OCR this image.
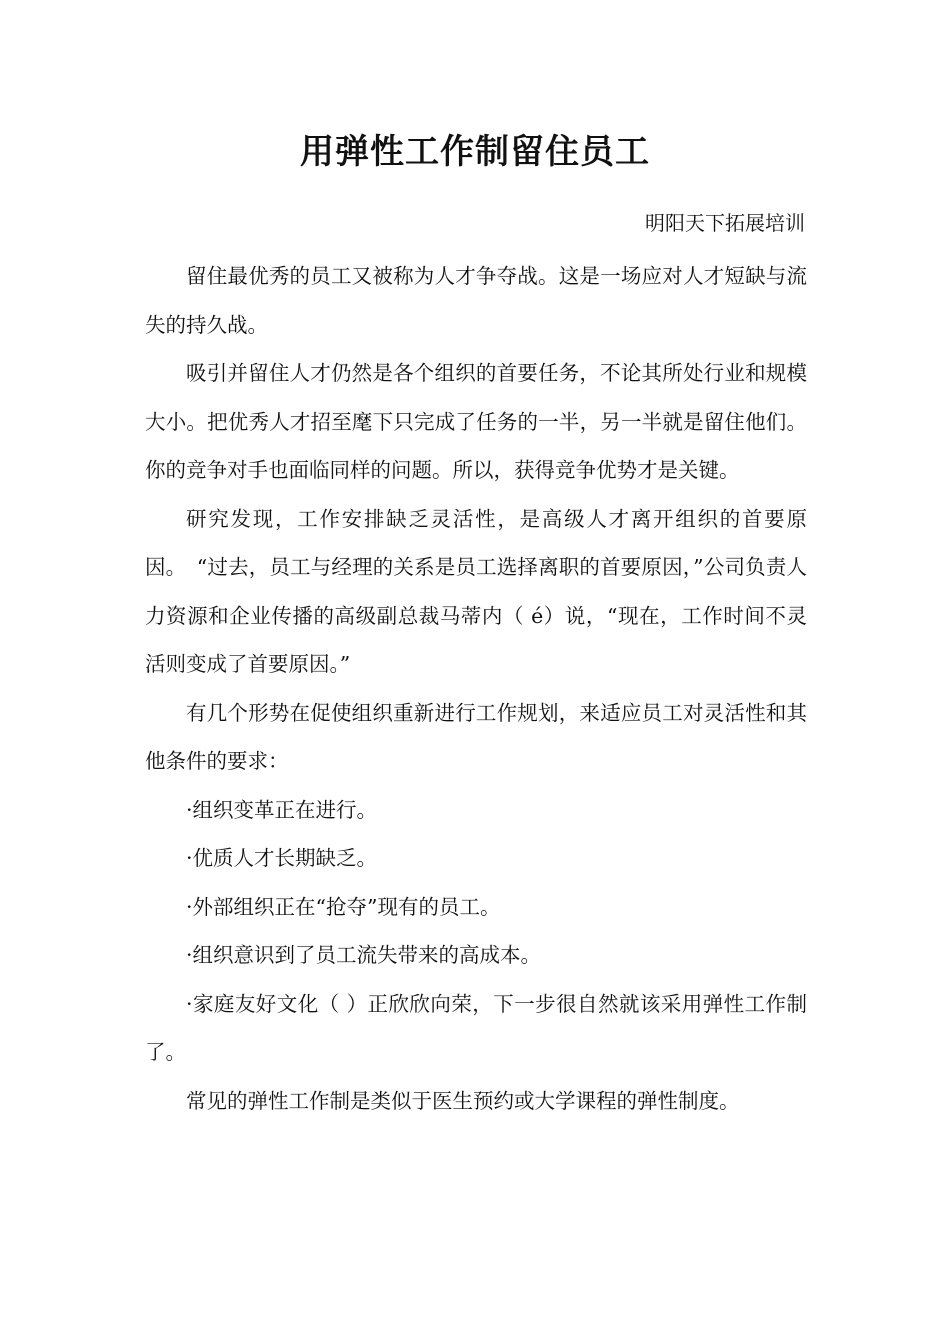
用弹性工作制留住员工

明阳天下拓展培训

留住最优秀的员工又被称为人才争夺战。这是一场应对人才短缺与流失的持久战。

吸引并留住人才仍然是各个组织的首要任务，不论其所处行业和规模大小。把优秀人才招至麾下只完成了任务的一半，另一半就是留住他们。你的竞争对手也面临同样的问题。所以，获得竞争优势才是关键。

研究发现，工作安排缺乏灵活性，是高级人才离开组织的首要原因。　“过去，员工与经理的关系是员工选择离职的首要原因，”公司负责人力资源和企业传播的高级副总裁马蒂内（ é）说，“现在，工作时间不灵活则变成了首要原因。”

有几个形势在促使组织重新进行工作规划，来适应员工对灵活性和其他条件的要求：

·组织变革正在进行。

·优质人才长期缺乏。

·外部组织正在“抢夺”现有的员工。

·组织意识到了员工流失带来的高成本。

·家庭友好文化（ ）正欣欣向荣，下一步很自然就该采用弹性工作制了。

常见的弹性工作制是类似于医生预约或大学课程的弹性制度。
